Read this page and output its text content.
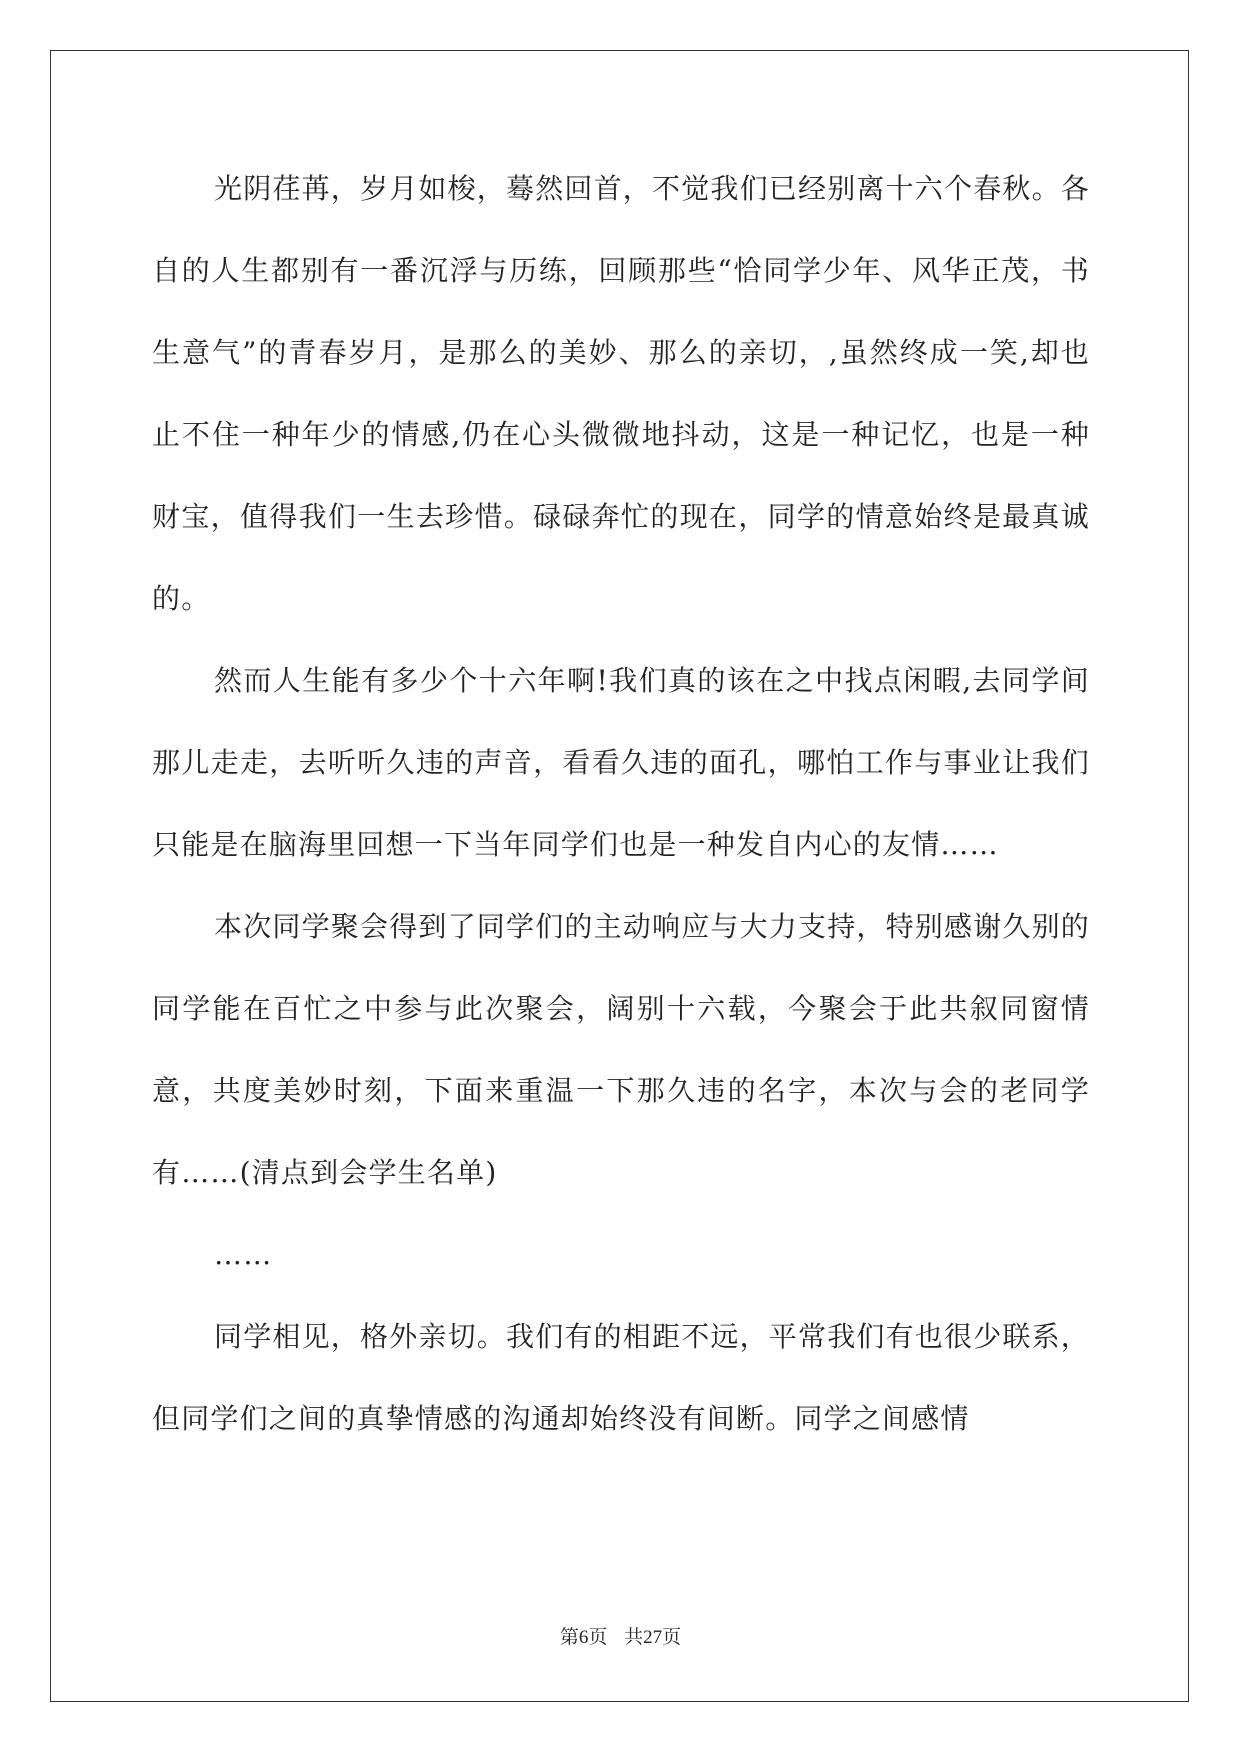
光阴荏苒，岁月如梭，蓦然回首，不觉我们已经别离十六个春秋。各自的人生都别有一番沉浮与历练，回顾那些“恰同学少年、风华正茂，书生意气”的青春岁月，是那么的美妙、那么的亲切，,虽然终成一笑,却也止不住一种年少的情感,仍在心头微微地抖动，这是一种记忆，也是一种财宝，值得我们一生去珍惜。碌碌奔忙的现在，同学的情意始终是最真诚的。

然而人生能有多少个十六年啊!我们真的该在之中找点闲暇,去同学间那儿走走，去听听久违的声音，看看久违的面孔，哪怕工作与事业让我们只能是在脑海里回想一下当年同学们也是一种发自内心的友情……

本次同学聚会得到了同学们的主动响应与大力支持，特别感谢久别的同学能在百忙之中参与此次聚会，阔别十六载，今聚会于此共叙同窗情意，共度美妙时刻，下面来重温一下那久违的名字，本次与会的老同学有……(清点到会学生名单)

……

同学相见，格外亲切。我们有的相距不远，平常我们有也很少联系，但同学们之间的真挚情感的沟通却始终没有间断。同学之间感情

第6页 共27页
